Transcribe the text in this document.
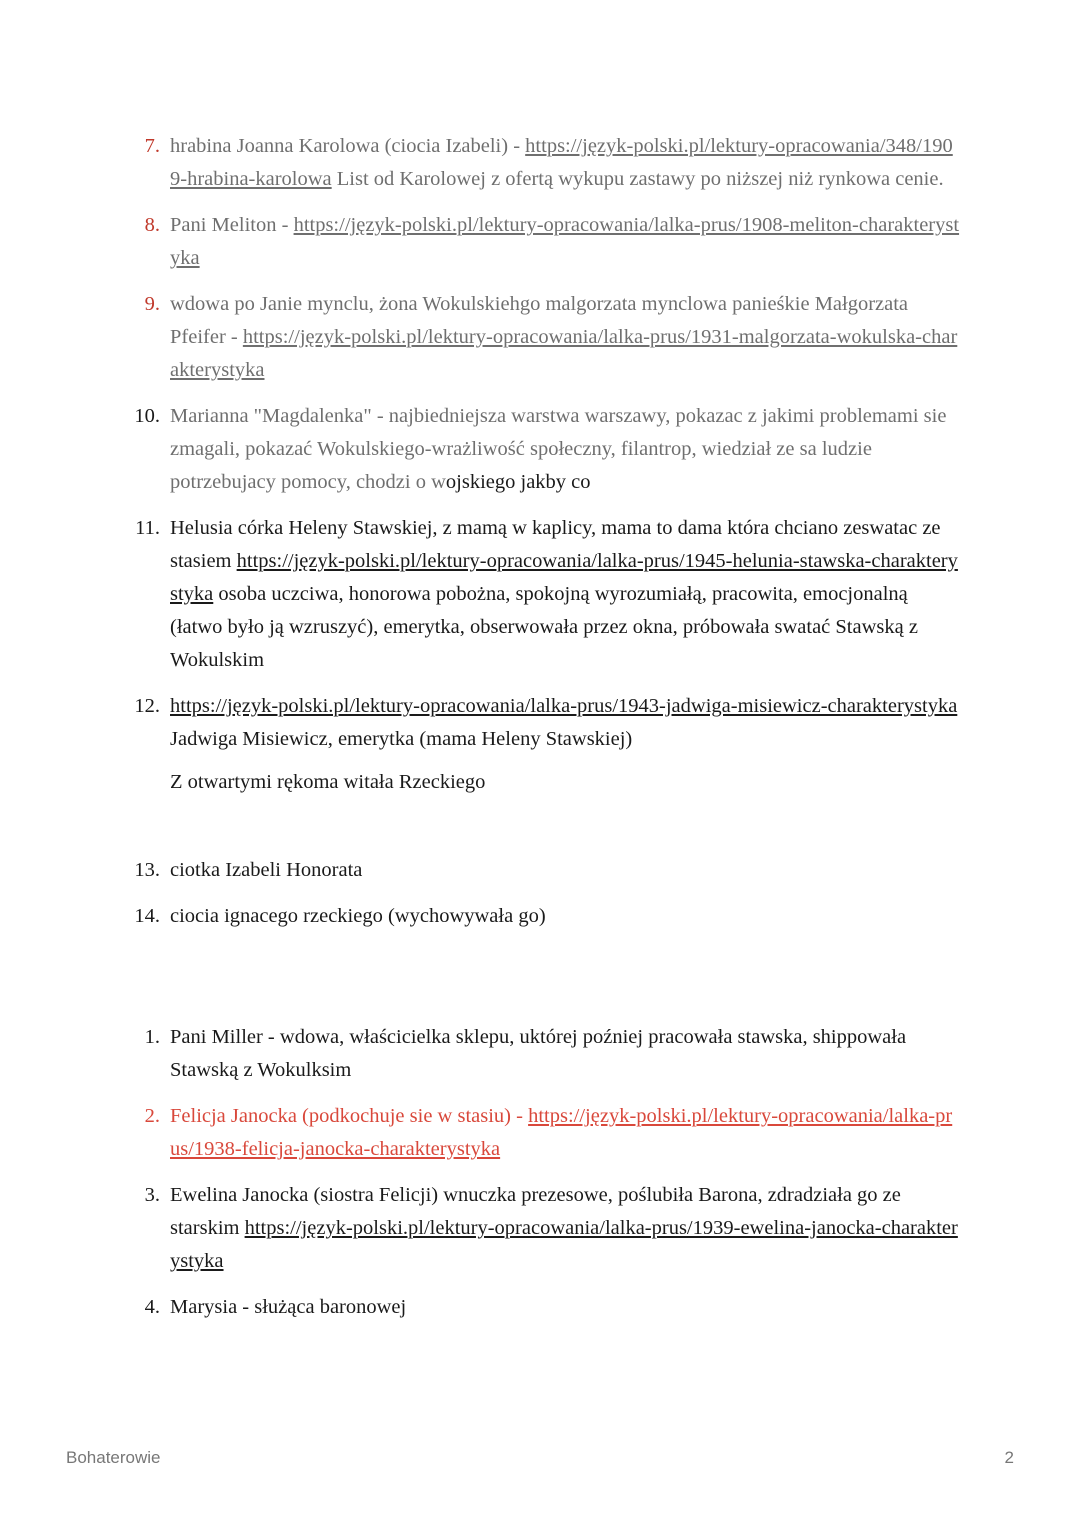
7. hrabina Joanna Karolowa (ciocia Izabeli) - https://język-polski.pl/lektury-opracowania/348/1909-hrabina-karolowa List od Karolowej z ofertą wykupu zastawy po niższej niż rynkowa cenie.
8. Pani Meliton - https://język-polski.pl/lektury-opracowania/lalka-prus/1908-meliton-charakterystyka
9. wdowa po Janie mynclu, żona Wokulskiehgo malgorzata mynclowa panieśkie Małgorzata Pfeifer - https://język-polski.pl/lektury-opracowania/lalka-prus/1931-malgorzata-wokulska-charakterystyka
10. Marianna "Magdalenka" - najbiedniejsza warstwa warszawy, pokazac z jakimi problemami sie zmagali, pokazać Wokulskiego-wrażliwość społeczny, filantrop, wiedział ze sa ludzie potrzebujacy pomocy, chodzi o wojskiego jakby co
11. Helusia córka Heleny Stawskiej, z mamą w kaplicy, mama to dama która chciano zeswatac ze stasiem https://język-polski.pl/lektury-opracowania/lalka-prus/1945-helunia-stawska-charakterystyka osoba uczciwa, honorowa pobożna, spokojną wyrozumiałą, pracowita, emocjonalną (łatwo było ją wzruszyć), emerytka, obserwowała przez okna, próbowała swatać Stawską z Wokulskim
12. https://język-polski.pl/lektury-opracowania/lalka-prus/1943-jadwiga-misiewicz-charakterystykaJadwiga Misiewicz, emerytka (mama Heleny Stawskiej)
Z otwartymi rękoma witała Rzeckiego
13. ciotka Izabeli Honorata
14. ciocia ignacego rzeckiego (wychowywała go)
1. Pani Miller - wdowa, właścicielka sklepu, uktórej poźniej pracowała stawska, shippowała Stawską z Wokulksim
2. Felicja Janocka (podkochuje sie w stasiu) - https://język-polski.pl/lektury-opracowania/lalka-prus/1938-felicja-janocka-charakterystyka
3. Ewelina Janocka (siostra Felicji) wnuczka prezesowe, poślubiła Barona, zdradziała go ze starskim https://język-polski.pl/lektury-opracowania/lalka-prus/1939-ewelina-janocka-charakterystyka
4. Marysia - służąca baronowej
Bohaterowie	2
